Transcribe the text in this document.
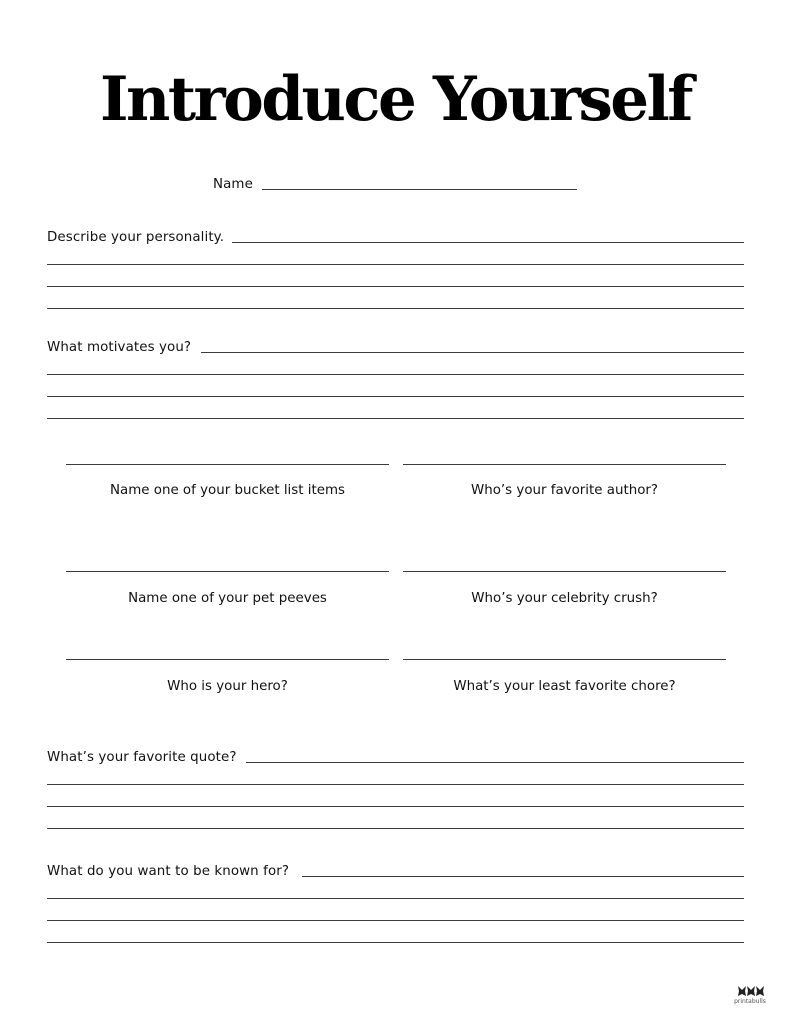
Introduce Yourself
Name
Describe your personality.
What motivates you?
Name one of your bucket list items	Who’s your favorite author?
Name one of your pet peeves	Who’s your celebrity crush?
Who is your hero?	What’s your least favorite chore?
What’s your favorite quote?
What do you want to be known for?
printabulls
